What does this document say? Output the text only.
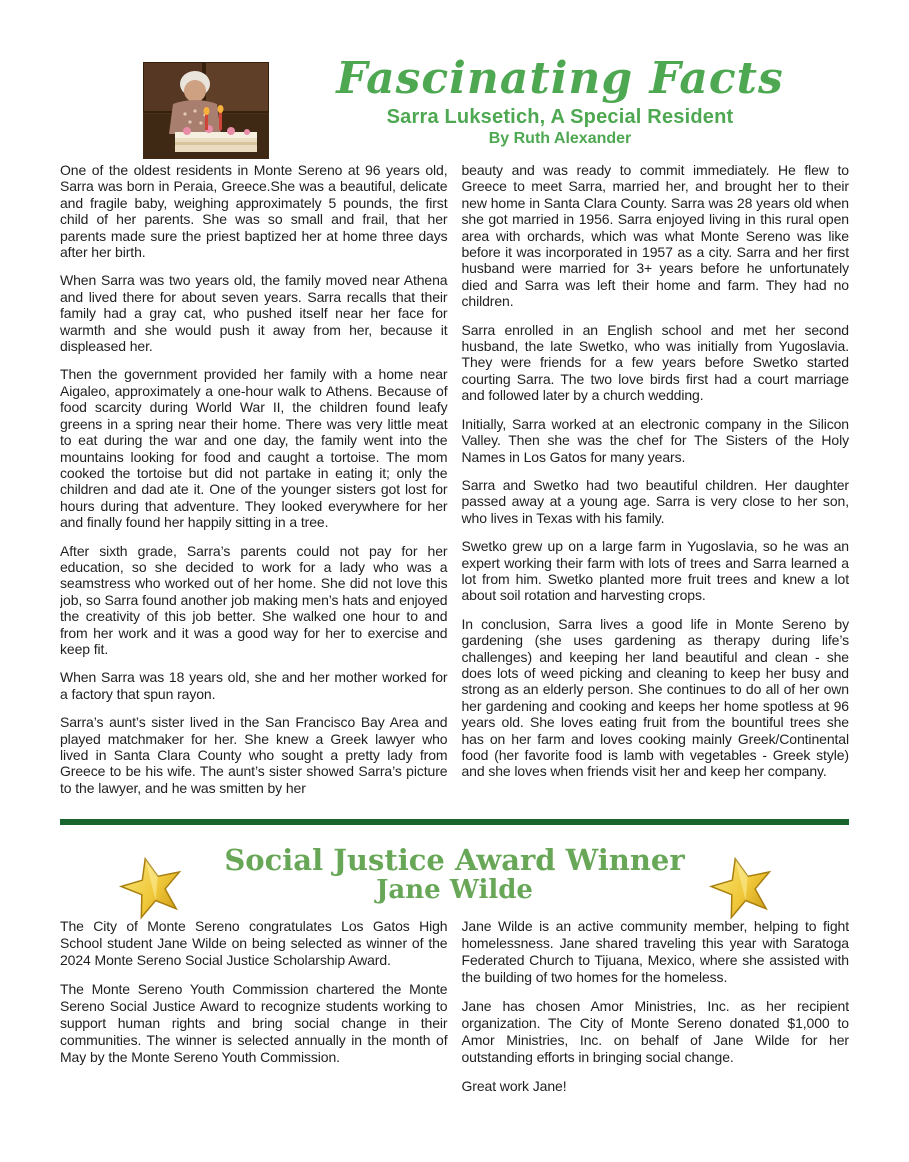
Fascinating Facts
Sarra Luksetich, A Special Resident
By Ruth Alexander

One of the oldest residents in Monte Sereno at 96 years old, Sarra was born in Peraia, Greece.She was a beautiful, delicate and fragile baby, weighing approximately 5 pounds, the first child of her parents. She was so small and frail, that her parents made sure the priest baptized her at home three days after her birth.

When Sarra was two years old, the family moved near Athena and lived there for about seven years. Sarra recalls that their family had a gray cat, who pushed itself near her face for warmth and she would push it away from her, because it displeased her.

Then the government provided her family with a home near Aigaleo, approximately a one-hour walk to Athens. Because of food scarcity during World War II, the children found leafy greens in a spring near their home. There was very little meat to eat during the war and one day, the family went into the mountains looking for food and caught a tortoise. The mom cooked the tortoise but did not partake in eating it; only the children and dad ate it. One of the younger sisters got lost for hours during that adventure. They looked everywhere for her and finally found her happily sitting in a tree.

After sixth grade, Sarra’s parents could not pay for her education, so she decided to work for a lady who was a seamstress who worked out of her home. She did not love this job, so Sarra found another job making men’s hats and enjoyed the creativity of this job better. She walked one hour to and from her work and it was a good way for her to exercise and keep fit.

When Sarra was 18 years old, she and her mother worked for a factory that spun rayon.

Sarra’s aunt’s sister lived in the San Francisco Bay Area and played matchmaker for her. She knew a Greek lawyer who lived in Santa Clara County who sought a pretty lady from Greece to be his wife. The aunt’s sister showed Sarra’s picture to the lawyer, and he was smitten by her

beauty and was ready to commit immediately. He flew to Greece to meet Sarra, married her, and brought her to their new home in Santa Clara County. Sarra was 28 years old when she got married in 1956. Sarra enjoyed living in this rural open area with orchards, which was what Monte Sereno was like before it was incorporated in 1957 as a city. Sarra and her first husband were married for 3+ years before he unfortunately died and Sarra was left their home and farm. They had no children.

Sarra enrolled in an English school and met her second husband, the late Swetko, who was initially from Yugoslavia. They were friends for a few years before Swetko started courting Sarra. The two love birds first had a court marriage and followed later by a church wedding.

Initially, Sarra worked at an electronic company in the Silicon Valley. Then she was the chef for The Sisters of the Holy Names in Los Gatos for many years.

Sarra and Swetko had two beautiful children. Her daughter passed away at a young age. Sarra is very close to her son, who lives in Texas with his family.

Swetko grew up on a large farm in Yugoslavia, so he was an expert working their farm with lots of trees and Sarra learned a lot from him. Swetko planted more fruit trees and knew a lot about soil rotation and harvesting crops.

In conclusion, Sarra lives a good life in Monte Sereno by gardening (she uses gardening as therapy during life’s challenges) and keeping her land beautiful and clean - she does lots of weed picking and cleaning to keep her busy and strong as an elderly person. She continues to do all of her own her gardening and cooking and keeps her home spotless at 96 years old. She loves eating fruit from the bountiful trees she has on her farm and loves cooking mainly Greek/Continental food (her favorite food is lamb with vegetables - Greek style) and she loves when friends visit her and keep her company.

Social Justice Award Winner
Jane Wilde

The City of Monte Sereno congratulates Los Gatos High School student Jane Wilde on being selected as winner of the 2024 Monte Sereno Social Justice Scholarship Award.

The Monte Sereno Youth Commission chartered the Monte Sereno Social Justice Award to recognize students working to support human rights and bring social change in their communities. The winner is selected annually in the month of May by the Monte Sereno Youth Commission.

Jane Wilde is an active community member, helping to fight homelessness. Jane shared traveling this year with Saratoga Federated Church to Tijuana, Mexico, where she assisted with the building of two homes for the homeless.

Jane has chosen Amor Ministries, Inc. as her recipient organization. The City of Monte Sereno donated $1,000 to Amor Ministries, Inc. on behalf of Jane Wilde for her outstanding efforts in bringing social change.

Great work Jane!
